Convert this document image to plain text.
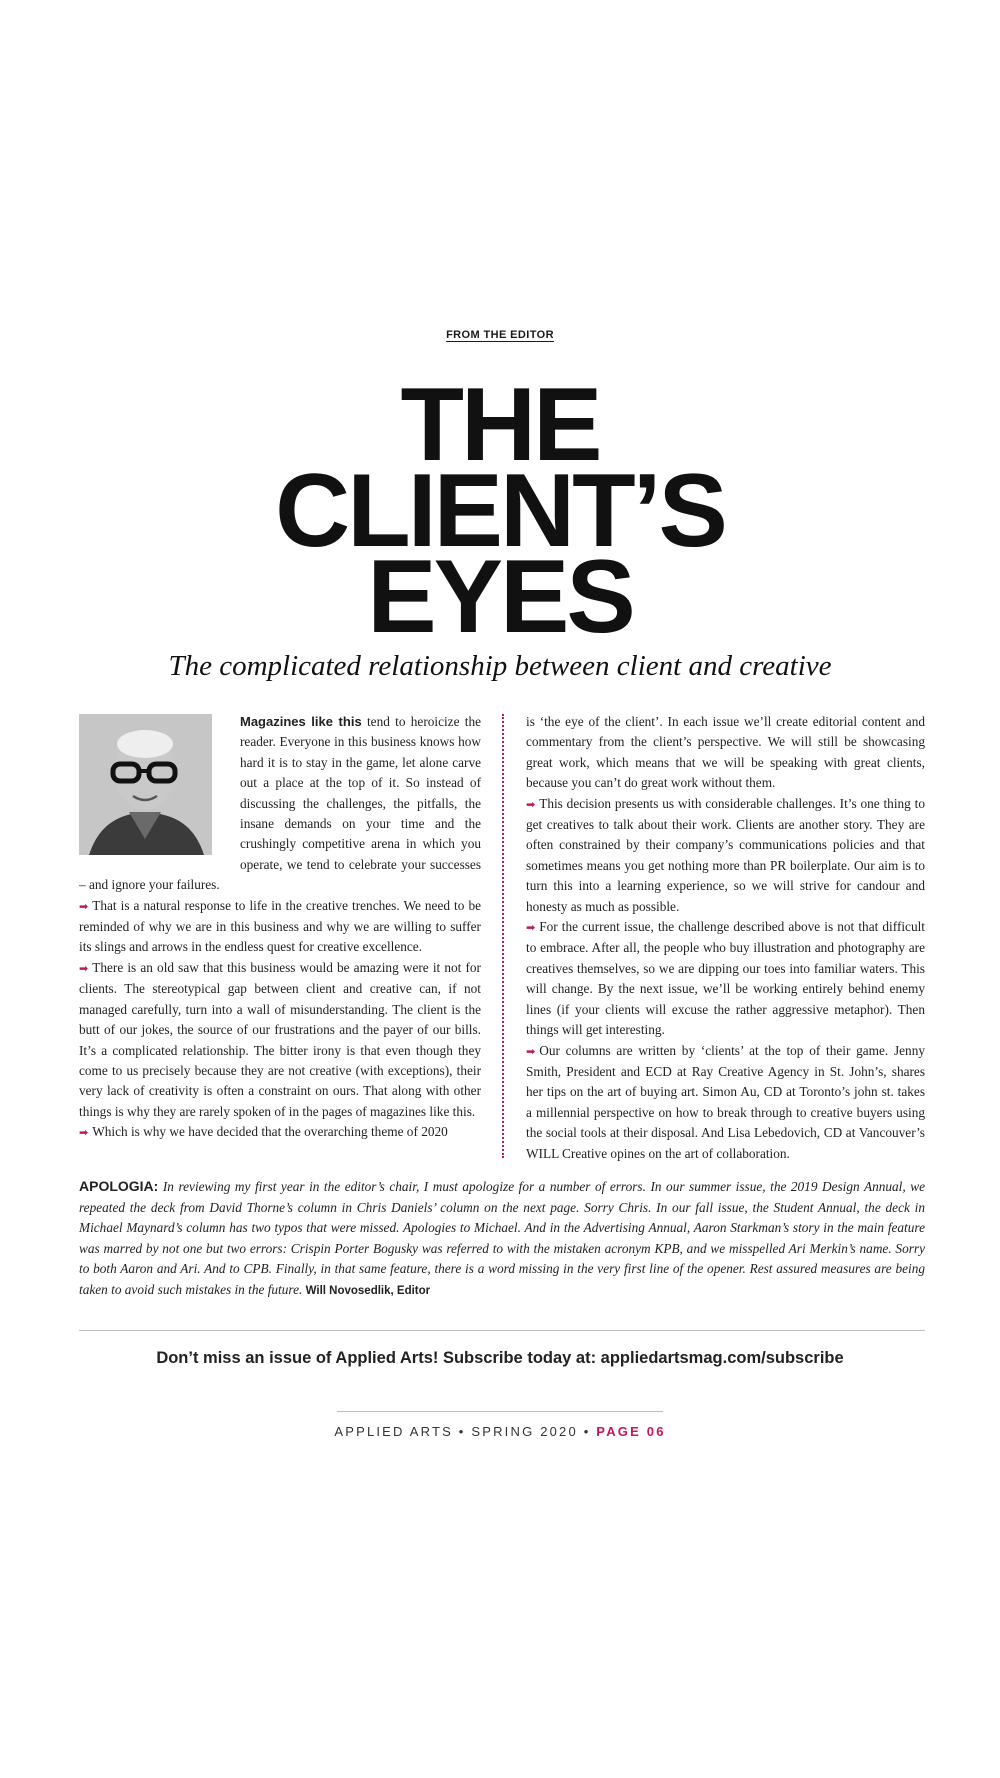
FROM THE EDITOR
THE
CLIENT’S
EYES
The complicated relationship between client and creative

Magazines like this tend to heroicize the reader. Everyone in this business knows how hard it is to stay in the game, let alone carve out a place at the top of it. So instead of discussing the challenges, the pitfalls, the insane demands on your time and the crushingly competitive arena in which you operate, we tend to celebrate your successes – and ignore your failures.

➡ That is a natural response to life in the creative trenches. We need to be reminded of why we are in this business and why we are willing to suffer its slings and arrows in the endless quest for creative excellence.

➡ There is an old saw that this business would be amazing were it not for clients. The stereotypical gap between client and creative can, if not managed carefully, turn into a wall of misunderstanding. The client is the butt of our jokes, the source of our frustrations and the payer of our bills. It’s a complicated relationship. The bitter irony is that even though they come to us precisely because they are not creative (with exceptions), their very lack of creativity is often a constraint on ours. That along with other things is why they are rarely spoken of in the pages of magazines like this.

➡ Which is why we have decided that the overarching theme of 2020

is ‘the eye of the client’. In each issue we’ll create editorial content and commentary from the client’s perspective. We will still be showcasing great work, which means that we will be speaking with great clients, because you can’t do great work without them.

➡ This decision presents us with considerable challenges. It’s one thing to get creatives to talk about their work. Clients are another story. They are often constrained by their company’s communications policies and that sometimes means you get nothing more than PR boilerplate. Our aim is to turn this into a learning experience, so we will strive for candour and honesty as much as possible.

➡ For the current issue, the challenge described above is not that difficult to embrace. After all, the people who buy illustration and photography are creatives themselves, so we are dipping our toes into familiar waters. This will change. By the next issue, we’ll be working entirely behind enemy lines (if your clients will excuse the rather aggressive metaphor). Then things will get interesting.

➡ Our columns are written by ‘clients’ at the top of their game. Jenny Smith, President and ECD at Ray Creative Agency in St. John’s, shares her tips on the art of buying art. Simon Au, CD at Toronto’s john st. takes a millennial perspective on how to break through to creative buyers using the social tools at their disposal. And Lisa Lebedovich, CD at Vancouver’s WILL Creative opines on the art of collaboration.

APOLOGIA: In reviewing my first year in the editor’s chair, I must apologize for a number of errors. In our summer issue, the 2019 Design Annual, we repeated the deck from David Thorne’s column in Chris Daniels’ column on the next page. Sorry Chris. In our fall issue, the Student Annual, the deck in Michael Maynard’s column has two typos that were missed. Apologies to Michael. And in the Advertising Annual, Aaron Starkman’s story in the main feature was marred by not one but two errors: Crispin Porter Bogusky was referred to with the mistaken acronym KPB, and we misspelled Ari Merkin’s name. Sorry to both Aaron and Ari. And to CPB. Finally, in that same feature, there is a word missing in the very first line of the opener. Rest assured measures are being taken to avoid such mistakes in the future. Will Novosedlik, Editor
Don’t miss an issue of Applied Arts! Subscribe today at: appliedartsmag.com/subscribe
APPLIED ARTS • SPRING 2020 • PAGE 06
